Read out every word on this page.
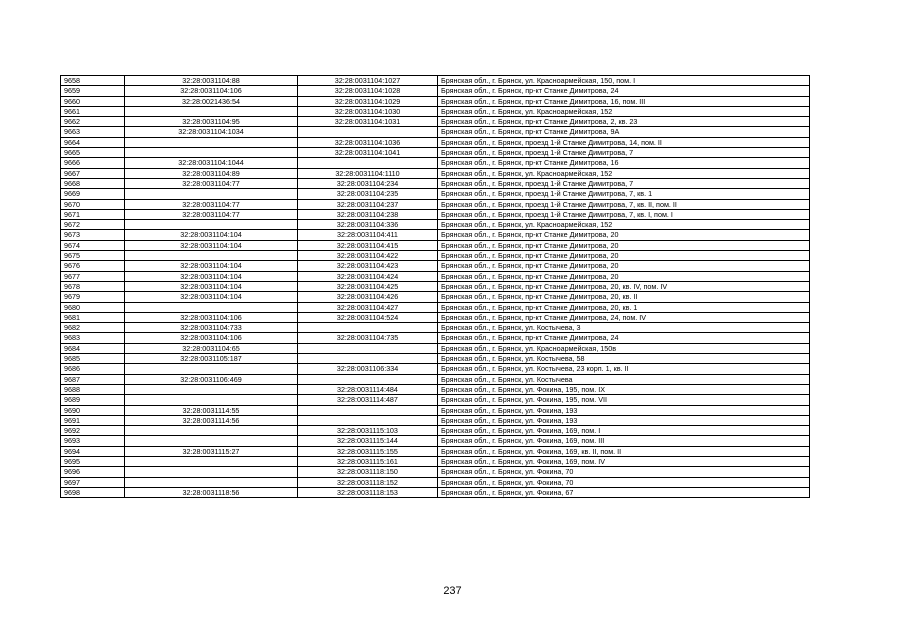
9658	32:28:0031104:88	32:28:0031104:1027	Брянская обл., г. Брянск, ул. Красноармейская, 150, пом. I
9659	32:28:0031104:106	32:28:0031104:1028	Брянская обл., г. Брянск, пр-кт Станке Димитрова, 24
9660	32:28:0021436:54	32:28:0031104:1029	Брянская обл., г. Брянск, пр-кт Станке Димитрова, 16, пом. III
9661		32:28:0031104:1030	Брянская обл., г. Брянск, ул. Красноармейская, 152
9662	32:28:0031104:95	32:28:0031104:1031	Брянская обл., г. Брянск, пр-кт Станке Димитрова, 2, кв. 23
9663	32:28:0031104:1034		Брянская обл., г. Брянск, пр-кт Станке Димитрова, 9А
9664		32:28:0031104:1036	Брянская обл., г. Брянск, проезд 1-й Станке Димитрова, 14, пом. II
9665		32:28:0031104:1041	Брянская обл., г. Брянск, проезд 1-й Станке Димитрова, 7
9666	32:28:0031104:1044		Брянская обл., г. Брянск, пр-кт Станке Димитрова, 16
9667	32:28:0031104:89	32:28:0031104:1110	Брянская обл., г. Брянск, ул. Красноармейская, 152
9668	32:28:0031104:77	32:28:0031104:234	Брянская обл., г. Брянск, проезд 1-й Станке Димитрова, 7
9669		32:28:0031104:235	Брянская обл., г. Брянск, проезд 1-й Станке Димитрова, 7, кв. 1
9670	32:28:0031104:77	32:28:0031104:237	Брянская обл., г. Брянск, проезд 1-й Станке Димитрова, 7, кв. II, пом. II
9671	32:28:0031104:77	32:28:0031104:238	Брянская обл., г. Брянск, проезд 1-й Станке Димитрова, 7, кв. I, пом. I
9672		32:28:0031104:336	Брянская обл., г. Брянск, ул. Красноармейская, 152
9673	32:28:0031104:104	32:28:0031104:411	Брянская обл., г. Брянск, пр-кт Станке Димитрова, 20
9674	32:28:0031104:104	32:28:0031104:415	Брянская обл., г. Брянск, пр-кт Станке Димитрова, 20
9675		32:28:0031104:422	Брянская обл., г. Брянск, пр-кт Станке Димитрова, 20
9676	32:28:0031104:104	32:28:0031104:423	Брянская обл., г. Брянск, пр-кт Станке Димитрова, 20
9677	32:28:0031104:104	32:28:0031104:424	Брянская обл., г. Брянск, пр-кт Станке Димитрова, 20
9678	32:28:0031104:104	32:28:0031104:425	Брянская обл., г. Брянск, пр-кт Станке Димитрова, 20, кв. IV, пом. IV
9679	32:28:0031104:104	32:28:0031104:426	Брянская обл., г. Брянск, пр-кт Станке Димитрова, 20, кв. II
9680		32:28:0031104:427	Брянская обл., г. Брянск, пр-кт Станке Димитрова, 20, кв. 1
9681	32:28:0031104:106	32:28:0031104:524	Брянская обл., г. Брянск, пр-кт Станке Димитрова, 24, пом. IV
9682	32:28:0031104:733		Брянская обл., г. Брянск, ул. Костычева, 3
9683	32:28:0031104:106	32:28:0031104:735	Брянская обл., г. Брянск, пр-кт Станке Димитрова, 24
9684	32:28:0031104:65		Брянская обл., г. Брянск, ул. Красноармейская, 150в
9685	32:28:0031105:187		Брянская обл., г. Брянск, ул. Костычева, 58
9686		32:28:0031106:334	Брянская обл., г. Брянск, ул. Костычева, 23 корп. 1, кв. II
9687	32:28:0031106:469		Брянская обл., г. Брянск, ул. Костычева
9688		32:28:0031114:484	Брянская обл., г. Брянск, ул. Фокина, 195, пом. IX
9689		32:28:0031114:487	Брянская обл., г. Брянск, ул. Фокина, 195, пом. VII
9690	32:28:0031114:55		Брянская обл., г. Брянск, ул. Фокина, 193
9691	32:28:0031114:56		Брянская обл., г. Брянск, ул. Фокина, 193
9692		32:28:0031115:103	Брянская обл., г. Брянск, ул. Фокина, 169, пом. I
9693		32:28:0031115:144	Брянская обл., г. Брянск, ул. Фокина, 169, пом. III
9694	32:28:0031115:27	32:28:0031115:155	Брянская обл., г. Брянск, ул. Фокина, 169, кв. II, пом. II
9695		32:28:0031115:161	Брянская обл., г. Брянск, ул. Фокина, 169, пом. IV
9696		32:28:0031118:150	Брянская обл., г. Брянск, ул. Фокина, 70
9697		32:28:0031118:152	Брянская обл., г. Брянск, ул. Фокина, 70
9698	32:28:0031118:56	32:28:0031118:153	Брянская обл., г. Брянск, ул. Фокина, 67
237
